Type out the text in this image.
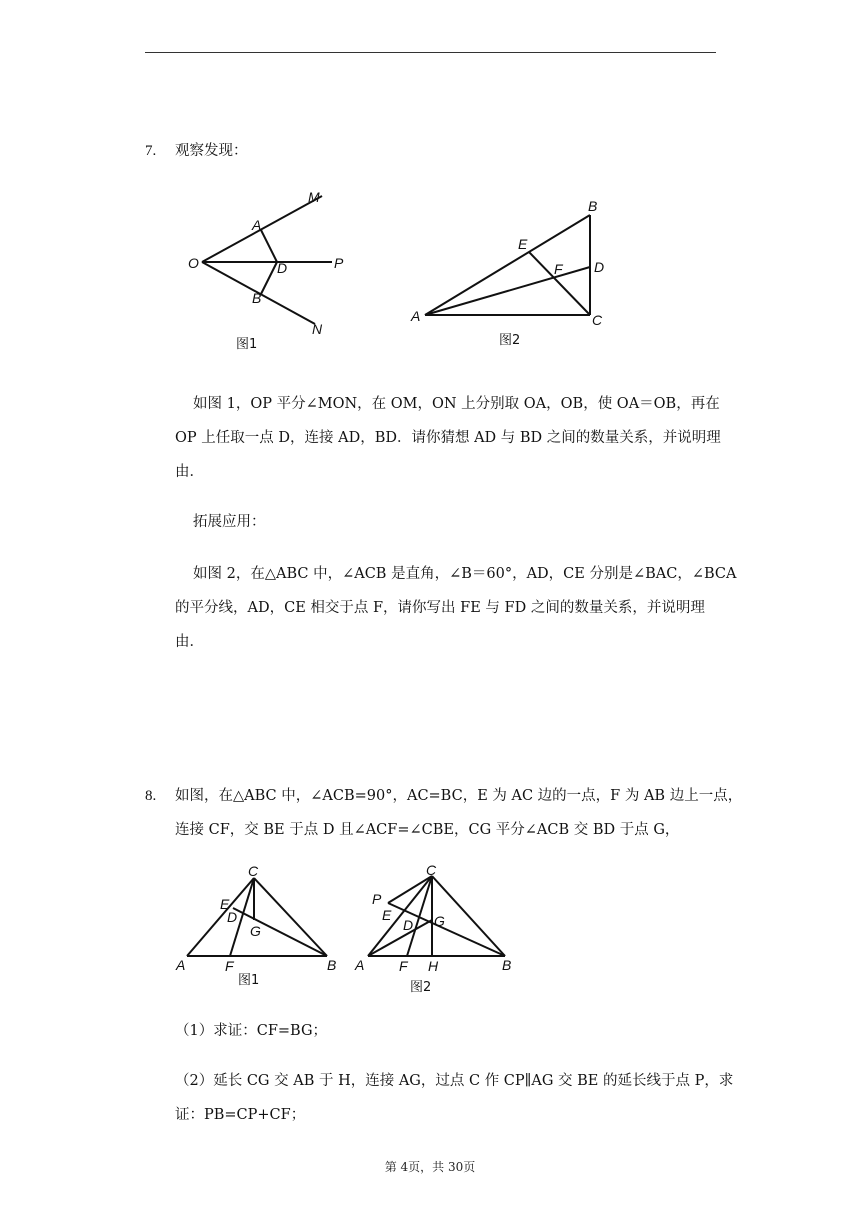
7. 观察发现：
O
A
B
D
M
N
P
图1
A
B
C
D
E
F
图2
如图 1，OP 平分∠MON，在 OM，ON 上分别取 OA，OB，使 OA＝OB，再在
OP 上任取一点 D，连接 AD，BD．请你猜想 AD 与 BD 之间的数量关系，并说明理
由．
拓展应用：
如图 2，在△ABC 中，∠ACB 是直角，∠B＝60°，AD，CE 分别是∠BAC，∠BCA
的平分线，AD，CE 相交于点 F，请你写出 FE 与 FD 之间的数量关系，并说明理
由．
8. 如图，在△ABC 中，∠ACB=90°，AC=BC，E 为 AC 边的一点，F 为 AB 边上一点，
连接 CF，交 BE 于点 D 且∠ACF=∠CBE，CG 平分∠ACB 交 BD 于点 G，
A	B
C
D
E
F
G
图1
A	B
C
D
E
F
G
H
P
图2
（1）求证：CF=BG；
（2）延长 CG 交 AB 于 H，连接 AG，过点 C 作 CP∥AG 交 BE 的延长线于点 P，求
证：PB=CP+CF；
第 4页，共 30页
